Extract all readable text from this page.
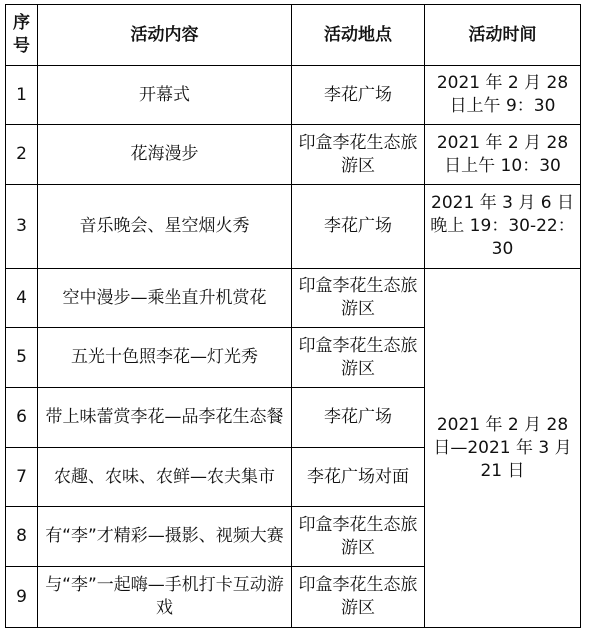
序号	活动内容	活动地点	活动时间
1	开幕式	李花广场	2021 年 2 月 28 日上午 9：30
2	花海漫步	印盒李花生态旅游区	2021 年 2 月 28 日上午 10：30
3	音乐晚会、星空烟火秀	李花广场	2021 年 3 月 6 日晚上 19：30-22：30
4	空中漫步—乘坐直升机赏花	印盒李花生态旅游区	2021 年 2 月 28 日—2021 年 3 月 21 日
5	五光十色照李花—灯光秀	印盒李花生态旅游区	
6	带上味蕾赏李花—品李花生态餐	李花广场	
7	农趣、农味、农鲜—农夫集市	李花广场对面	
8	有“李”才精彩—摄影、视频大赛	印盒李花生态旅游区	
9	与“李”一起嗨—手机打卡互动游戏	印盒李花生态旅游区	
